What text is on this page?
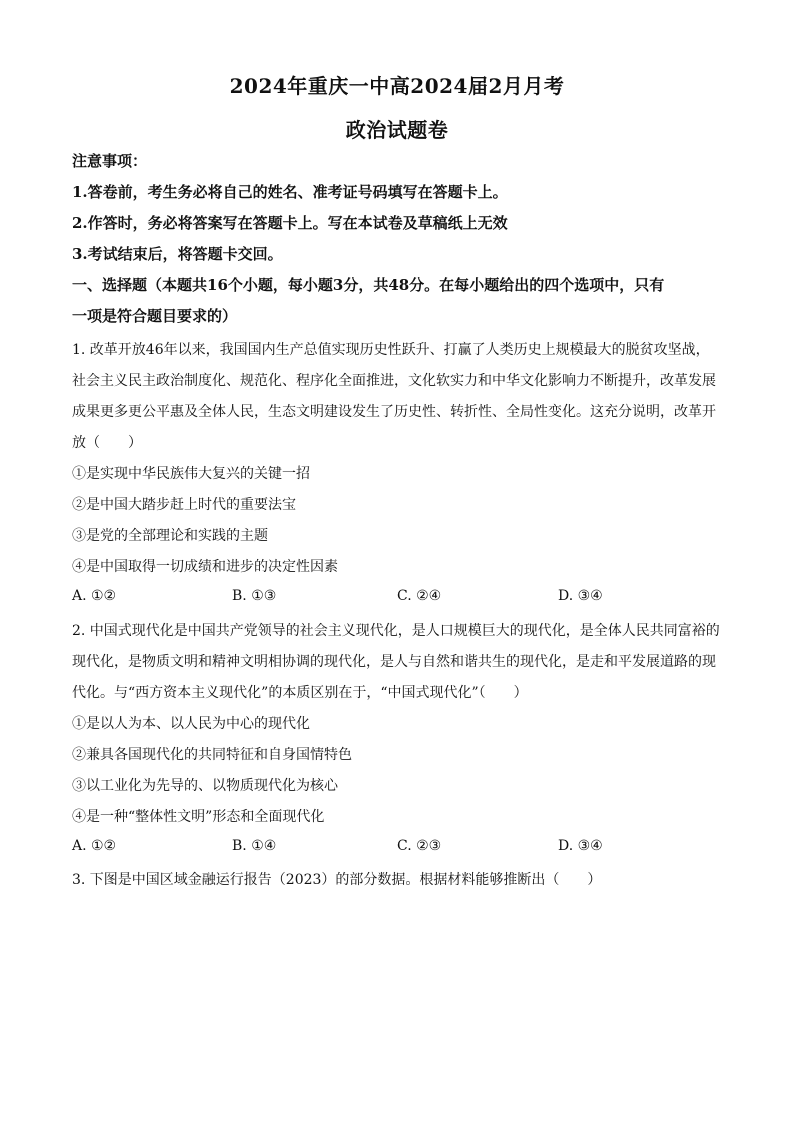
2024年重庆一中高2024届2月月考
政治试题卷
注意事项：
1.答卷前，考生务必将自己的姓名、准考证号码填写在答题卡上。
2.作答时，务必将答案写在答题卡上。写在本试卷及草稿纸上无效
3.考试结束后，将答题卡交回。
一、选择题（本题共16个小题，每小题3分，共48分。在每小题给出的四个选项中，只有
一项是符合题目要求的）
1. 改革开放46年以来，我国国内生产总值实现历史性跃升、打赢了人类历史上规模最大的脱贫攻坚战，
社会主义民主政治制度化、规范化、程序化全面推进，文化软实力和中华文化影响力不断提升，改革发展
成果更多更公平惠及全体人民，生态文明建设发生了历史性、转折性、全局性变化。这充分说明，改革开
放（　　）
①是实现中华民族伟大复兴的关键一招
②是中国大踏步赶上时代的重要法宝
③是党的全部理论和实践的主题
④是中国取得一切成绩和进步的决定性因素
A. ①②	B. ①③	C. ②④	D. ③④
2. 中国式现代化是中国共产党领导的社会主义现代化，是人口规模巨大的现代化，是全体人民共同富裕的
现代化，是物质文明和精神文明相协调的现代化，是人与自然和谐共生的现代化，是走和平发展道路的现
代化。与“西方资本主义现代化”的本质区别在于，“中国式现代化”（　　）
①是以人为本、以人民为中心的现代化
②兼具各国现代化的共同特征和自身国情特色
③以工业化为先导的、以物质现代化为核心
④是一种“整体性文明”形态和全面现代化
A. ①②	B. ①④	C. ②③	D. ③④
3. 下图是中国区域金融运行报告（2023）的部分数据。根据材料能够推断出（　　）
